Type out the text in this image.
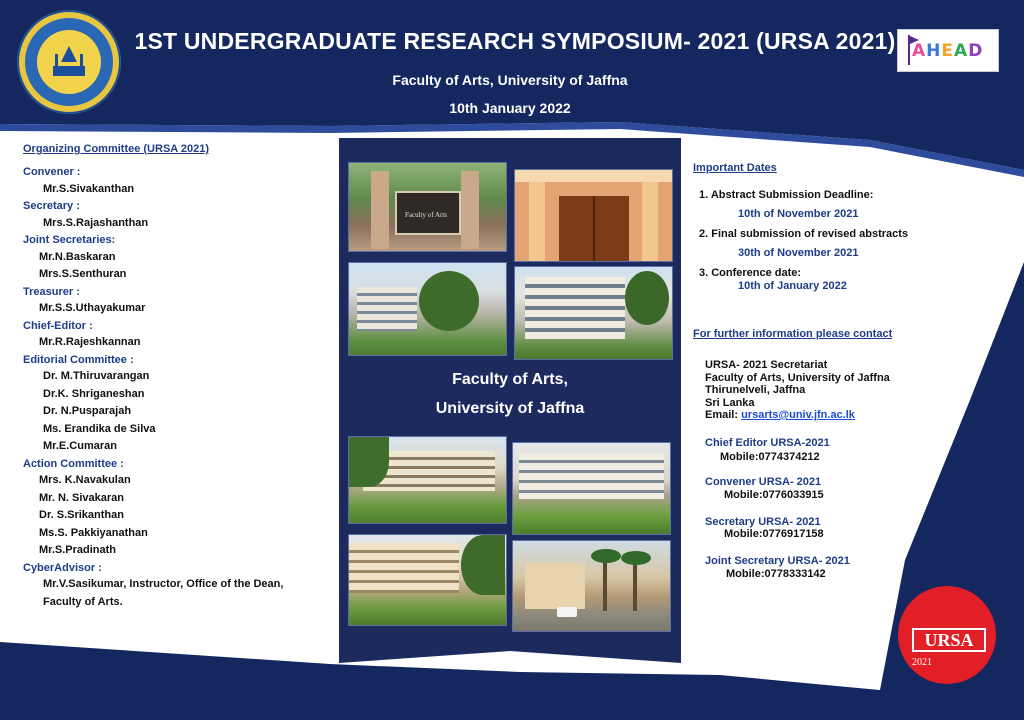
1ST UNDERGRADUATE RESEARCH SYMPOSIUM- 2021 (URSA 2021)
Faculty of Arts, University of Jaffna
10th January 2022
AHEAD
Organizing Committee (URSA 2021)
Convener :
Mr.S.Sivakanthan
Secretary :
Mrs.S.Rajashanthan
Joint Secretaries:
Mr.N.Baskaran
Mrs.S.Senthuran
Treasurer :
Mr.S.S.Uthayakumar
Chief-Editor :
Mr.R.Rajeshkannan
Editorial Committee :
Dr. M.Thiruvarangan
Dr.K. Shriganeshan
Dr. N.Pusparajah
Ms. Erandika de Silva
Mr.E.Cumaran
Action Committee :
Mrs. K.Navakulan
Mr. N. Sivakaran
Dr. S.Srikanthan
Ms.S. Pakkiyanathan
Mr.S.Pradinath
CyberAdvisor :
Mr.V.Sasikumar, Instructor, Office of the Dean,
Faculty of Arts.
Faculty of Arts
Faculty of Arts,
University of Jaffna
Important Dates
1. Abstract Submission Deadline:
10th of November 2021
2. Final submission of revised abstracts
30th of November 2021
3. Conference date:
10th of January 2022
For further information please contact
URSA- 2021 Secretariat
Faculty of Arts, University of Jaffna
Thirunelveli, Jaffna
Sri Lanka
Email: ursarts@univ.jfn.ac.lk
Chief Editor URSA-2021
Mobile:0774374212
Convener URSA- 2021
Mobile:0776033915
Secretary URSA- 2021
Mobile:0776917158
Joint Secretary URSA- 2021
Mobile:0778333142
URSA
2021
